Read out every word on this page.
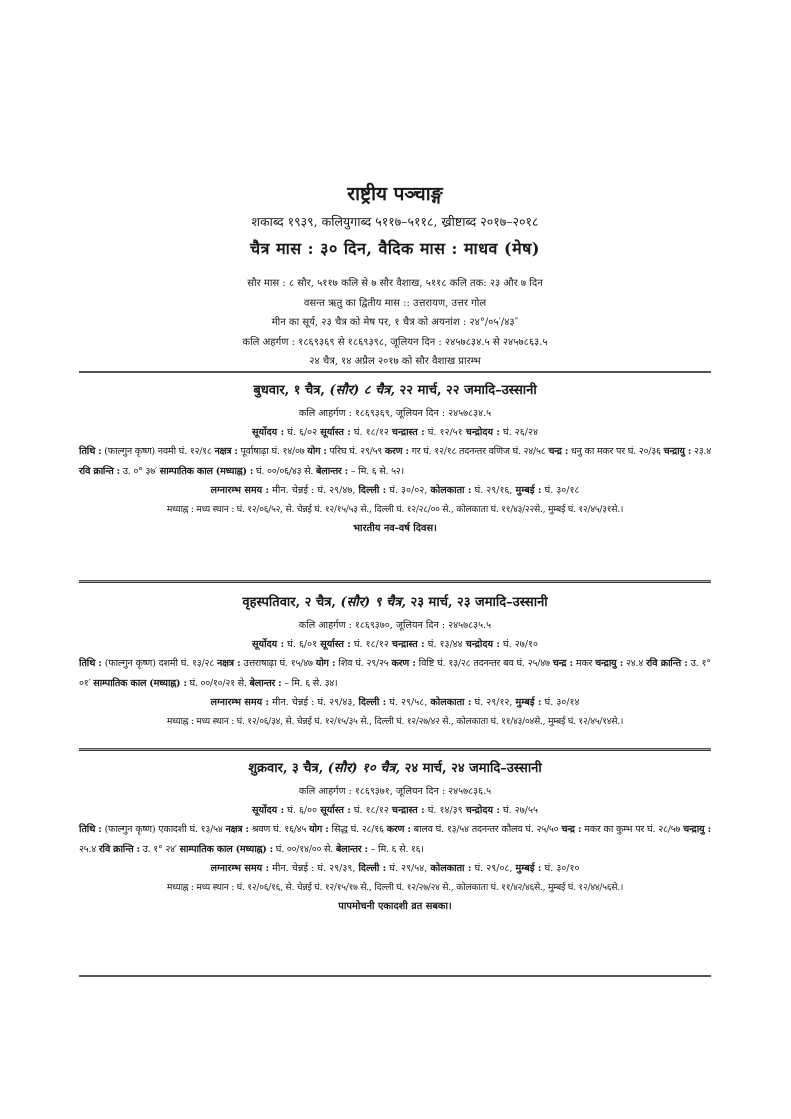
राष्ट्रीय पञ्चाङ्ग
शकाब्द १९३९, कलियुगाब्द ५११७–५११८, ख्रीष्टाब्द २०१७–२०१८
चैत्र मास : ३० दिन, वैदिक मास : माधव (मेष)
सौर मास : ८ सौर, ५११७ कलि से ७ सौर वैशाख, ५११८ कलि तक: २३ और ७ दिन
वसन्त ऋतु का द्वितीय मास :: उत्तरायण, उत्तर गोल
मीन का सूर्य, २३ चैत्र को मेष पर, १ चैत्र को अयनांश : २४°/०५′/४३″
कलि अहर्गण : १८६९३६९ से १८६९३९८, जूलियन दिन : २४५७८३४.५ से २४५७८६३.५
२४ चैत्र, १४ अप्रैल २०१७ को सौर वैशाख प्रारम्भ
बुधवार, १ चैत्र, (सौर) ८ चैत्र, २२ मार्च, २२ जमादि–उस्सानी
कलि आहर्गण : १८६९३६९, जूलियन दिन : २४५७८३४.५
सूर्योदय : घं. ६/०२ सूर्यास्त : घं. १८/१२ चन्द्रास्त : घं. १२/५१ चन्द्रोदय : घं. २६/२४
तिथि : (फाल्गुन कृष्ण) नवमी घं. १२/१८ नक्षत्र : पूर्वाषाढ़ा घं. १४/०७ योग : परिघ घं. २९/५९ करण : गर घं. १२/१८ तदनन्तर वणिज घं. २४/५८ चन्द्र : धनु का मकर पर घं. २०/३६ चन्द्रायु : २३.४ रवि क्रान्ति : उ. ०° ३७′ साम्पातिक काल (मध्याह्न) : घं. ००/०६/४३ से. बेलान्तर : – मि. ६ से. ५२।
लग्नारम्भ समय : मीन. चेन्नई : घं. २९/४७, दिल्ली : घं. ३०/०२, कोलकाता : घं. २९/१६, मुम्बई : घं. ३०/१८
मध्याह्न : मध्य स्थान : घं. १२/०६/५२, से. चेन्नई घं. १२/१५/५३ से., दिल्ली घं. १२/२८/०० से., कोलकाता घं. ११/४३/२२से., मुम्बई घं. १२/४५/३१से.।
भारतीय नव-वर्ष दिवस।
वृहस्पतिवार, २ चैत्र, (सौर) ९ चैत्र, २३ मार्च, २३ जमादि–उस्सानी
कलि आहर्गण : १८६९३७०, जूलियन दिन : २४५७८३५.५
सूर्योदय : घं. ६/०१ सूर्यास्त : घं. १८/१२ चन्द्रास्त : घं. १३/४४ चन्द्रोदय : घं. २७/१०
तिथि : (फाल्गुन कृष्ण) दशमी घं. १३/२८ नक्षत्र : उत्तराषाढ़ा घं. १५/४७ योग : शिव घं. २९/२५ करण : विष्टि घं. १३/२८ तदनन्तर बव घं. २५/४७ चन्द्र : मकर चन्द्रायु : २४.४ रवि क्रान्ति : उ. १° ०१′ साम्पातिक काल (मध्याह्न) : घं. ००/१०/२१ से. बेलान्तर : – मि. ६ से. ३४।
लग्नारम्भ समय : मीन. चेन्नई : घं. २९/४३, दिल्ली : घं. २९/५८, कोलकाता : घं. २९/१२, मुम्बई : घं. ३०/१४
मध्याह्न : मध्य स्थान : घं. १२/०६/३४, से. चेन्नई घं. १२/१५/३५ से., दिल्ली घं. १२/२७/४२ से., कोलकाता घं. ११/४३/०४से., मुम्बई घं. १२/४५/१४से.।
शुक्रवार, ३ चैत्र, (सौर) १० चैत्र, २४ मार्च, २४ जमादि–उस्सानी
कलि आहर्गण : १८६९३७१, जूलियन दिन : २४५७८३६.५
सूर्योदय : घं. ६/०० सूर्यास्त : घं. १८/१२ चन्द्रास्त : घं. १४/३९ चन्द्रोदय : घं. २७/५५
तिथि : (फाल्गुन कृष्ण) एकादशी घं. १३/५४ नक्षत्र : श्रवण घं. १६/४५ योग : सिद्ध घं. २८/१६ करण : बालव घं. १३/५४ तदनन्तर कौलव घं. २५/५० चन्द्र : मकर का कुम्भ पर घं. २८/५७ चन्द्रायु : २५.४ रवि क्रान्ति : उ. १° २४′ साम्पातिक काल (मध्याह्न) : घं. ००/१४/०० से. बेलान्तर : – मि. ६ से. १६।
लग्नारम्भ समय : मीन. चेन्नई : घं. २९/३९, दिल्ली : घं. २९/५४, कोलकाता : घं. २९/०८, मुम्बई : घं. ३०/१०
मध्याह्न : मध्य स्थान : घं. १२/०६/१६, से. चेन्नई घं. १२/१५/१७ से., दिल्ली घं. १२/२७/२४ से., कोलकाता घं. ११/४२/४६से., मुम्बई घं. १२/४४/५६से.।
पापमोचनी एकादशी व्रत सबका।
